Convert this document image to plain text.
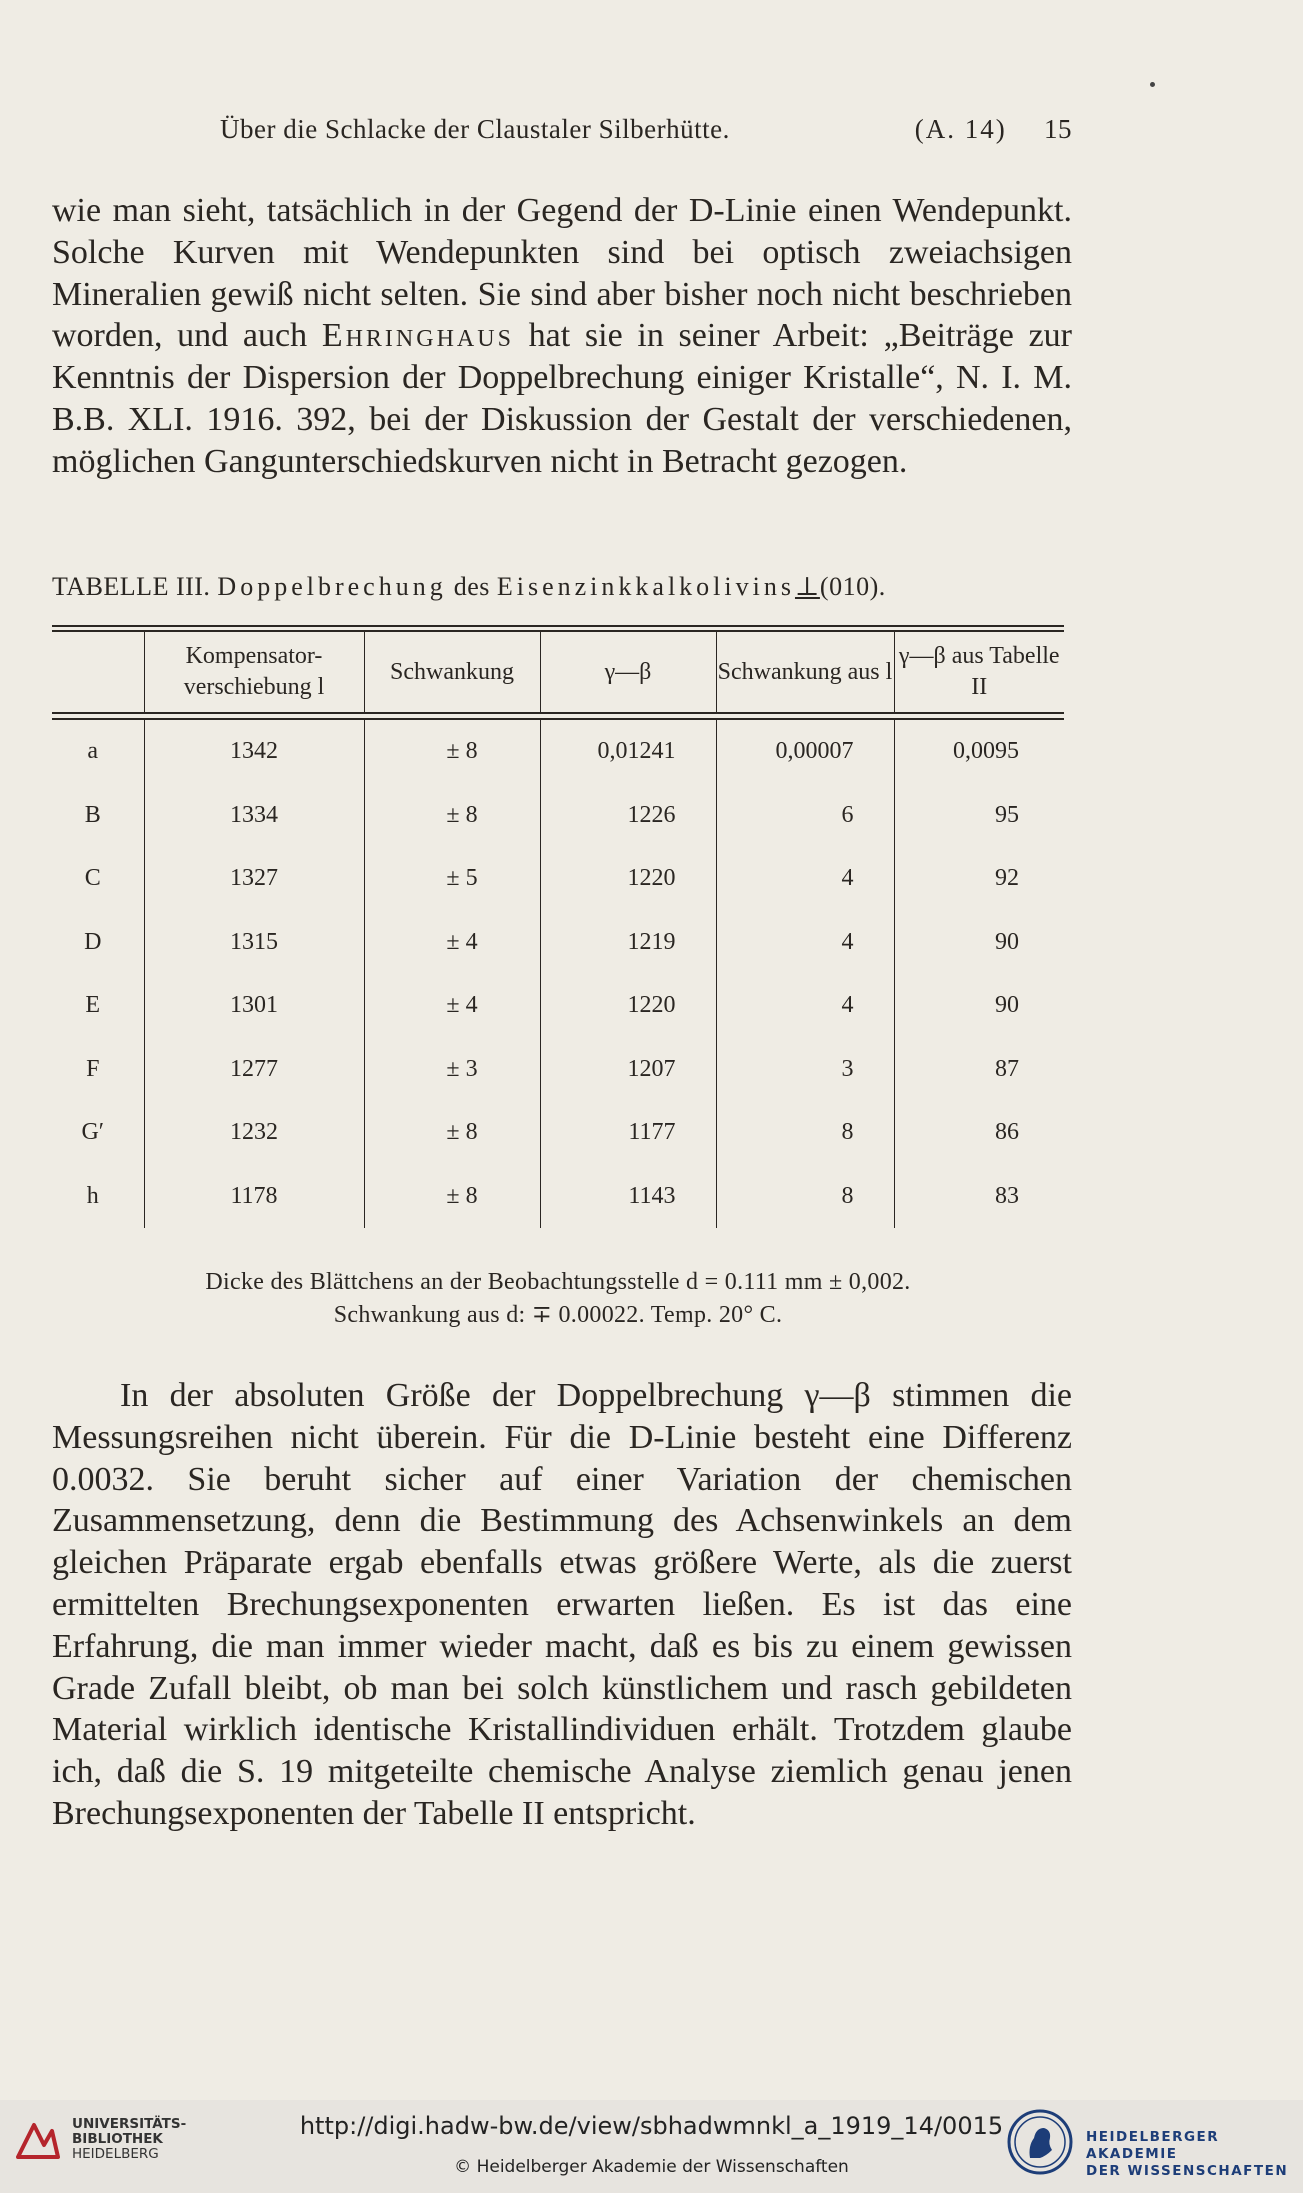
Über die Schlacke der Claustaler Silberhütte.	(A. 14) 15

wie man sieht, tatsächlich in der Gegend der D-Linie einen Wendepunkt. Solche Kurven mit Wendepunkten sind bei optisch zweiachsigen Mineralien gewiß nicht selten. Sie sind aber bisher noch nicht beschrieben worden, und auch Ehringhaus hat sie in seiner Arbeit: „Beiträge zur Kenntnis der Dispersion der Doppelbrechung einiger Kristalle“, N. I. M. B.B. XLI. 1916. 392, bei der Diskussion der Gestalt der verschiedenen, möglichen Gangunterschiedskurven nicht in Betracht gezogen.

TABELLE III. Doppelbrechung des Eisenzinkkalkolivins⊥(010).
	Kompensator-verschiebung l	Schwankung	γ—β	Schwankung aus l	γ—β aus Tabelle II
a	1342	± 8	0,01241	0,00007	0,0095
B	1334	± 8	1226	6	95
C	1327	± 5	1220	4	92
D	1315	± 4	1219	4	90
E	1301	± 4	1220	4	90
F	1277	± 3	1207	3	87
G′	1232	± 8	1177	8	86
h	1178	± 8	1143	8	83
Dicke des Blättchens an der Beobachtungsstelle d = 0.111 mm ± 0,002.
Schwankung aus d: ∓ 0.00022. Temp. 20° C.

In der absoluten Größe der Doppelbrechung γ—β stimmen die Messungsreihen nicht überein. Für die D-Linie besteht eine Differenz 0.0032. Sie beruht sicher auf einer Variation der chemischen Zusammensetzung, denn die Bestimmung des Achsenwinkels an dem gleichen Präparate ergab ebenfalls etwas größere Werte, als die zuerst ermittelten Brechungsexponenten erwarten ließen. Es ist das eine Erfahrung, die man immer wieder macht, daß es bis zu einem gewissen Grade Zufall bleibt, ob man bei solch künstlichem und rasch gebildeten Material wirklich identische Kristallindividuen erhält. Trotzdem glaube ich, daß die S. 19 mitgeteilte chemische Analyse ziemlich genau jenen Brechungsexponenten der Tabelle II entspricht.

UNIVERSITÄTS-
BIBLIOTHEK
HEIDELBERG
http://digi.hadw-bw.de/view/sbhadwmnkl_a_1919_14/0015
© Heidelberger Akademie der Wissenschaften
HEIDELBERGER AKADEMIE
DER WISSENSCHAFTEN
